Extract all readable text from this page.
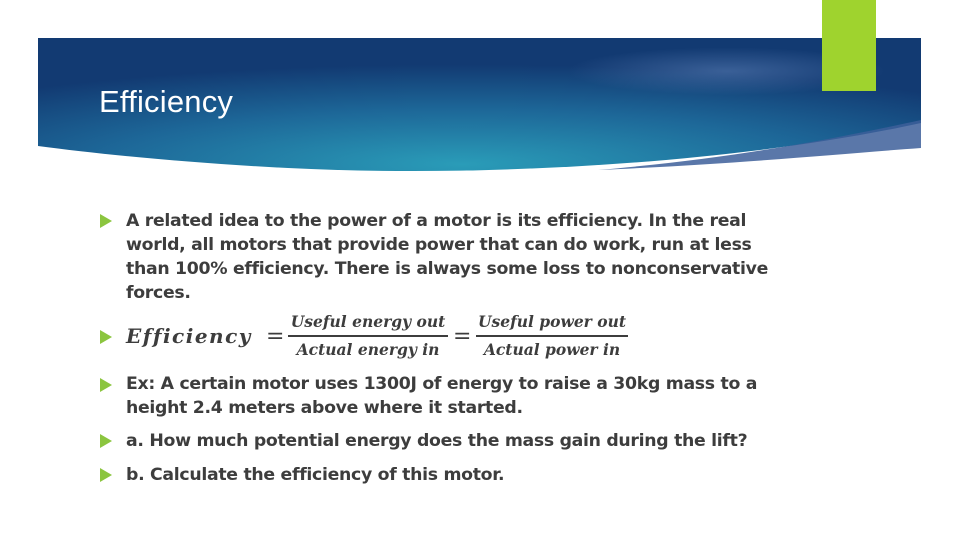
Efficiency
A related idea to the power of a motor is its efficiency. In the real
world, all motors that provide power that can do work, run at less
than 100% efficiency. There is always some loss to nonconservative
forces.
Efficiency =
Useful energy out
Actual energy in
=
Useful power out
Actual power in
Ex: A certain motor uses 1300J of energy to raise a 30kg mass to a
height 2.4 meters above where it started.
a. How much potential energy does the mass gain during the lift?
b. Calculate the efficiency of this motor.
